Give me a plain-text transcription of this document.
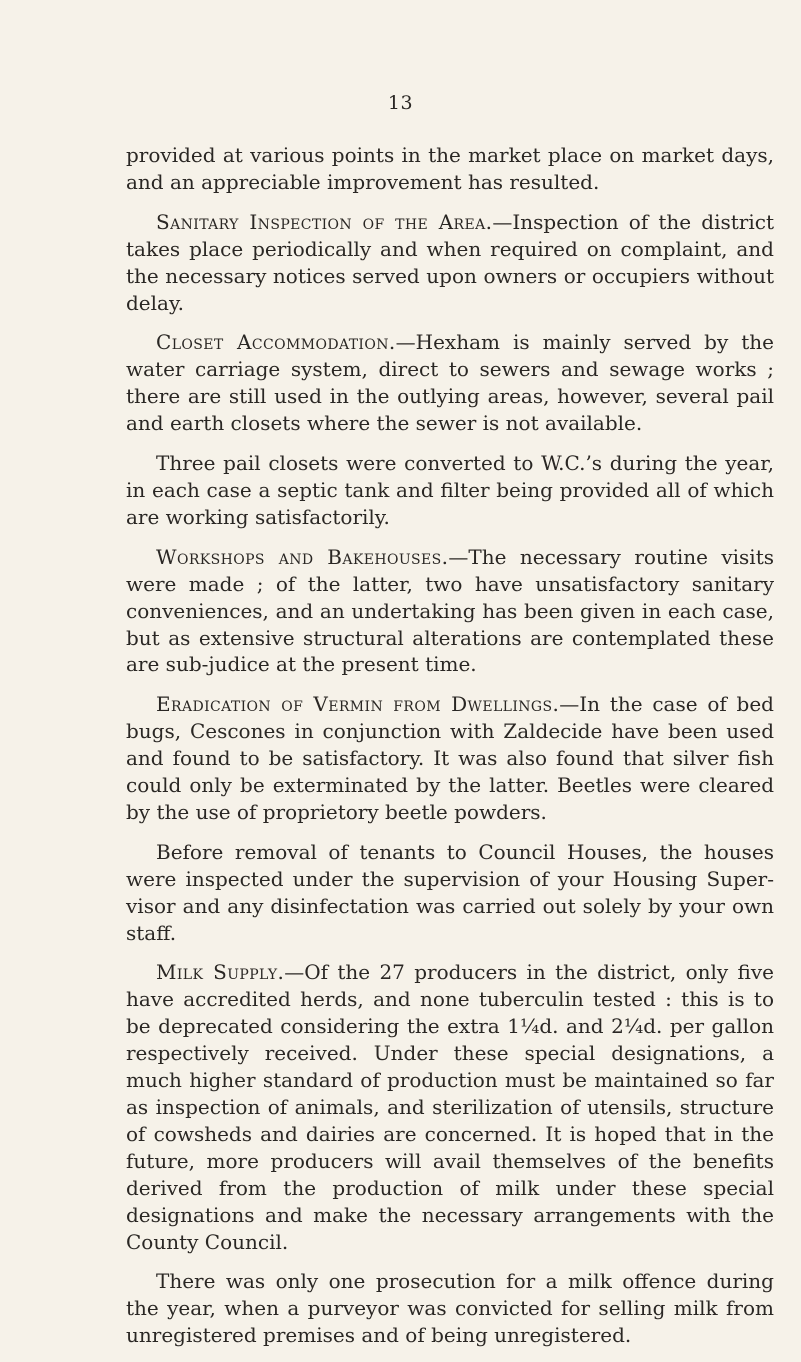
13

provided at various points in the market place on market days, and an appreciable improvement has resulted.

Sanitary Inspection of the Area.—Inspection of the district takes place periodically and when required on complaint, and the necessary notices served upon owners or occupiers without delay.

Closet Accommodation.—Hexham is mainly served by the water carriage system, direct to sewers and sewage works ; there are still used in the outlying areas, however, several pail and earth closets where the sewer is not available.

Three pail closets were converted to W.C.’s during the year, in each case a septic tank and filter being provided all of which are working satisfactorily.

Workshops and Bakehouses.—The necessary routine visits were made ; of the latter, two have unsatisfactory sanitary conveniences, and an undertaking has been given in each case, but as extensive structural alterations are contemplated these are sub-judice at the present time.

Eradication of Vermin from Dwellings.—In the case of bed bugs, Cescones in conjunction with Zaldecide have been used and found to be satisfactory. It was also found that silver fish could only be exterminated by the latter. Beetles were cleared by the use of proprietory beetle powders.

Before removal of tenants to Council Houses, the houses were inspected under the supervision of your Housing Supervisor and any disinfectation was carried out solely by your own staff.

Milk Supply.—Of the 27 producers in the district, only five have accredited herds, and none tuberculin tested : this is to be deprecated considering the extra 1¼d. and 2¼d. per gallon respectively received. Under these special designations, a much higher standard of production must be maintained so far as inspection of animals, and sterilization of utensils, structure of cowsheds and dairies are concerned. It is hoped that in the future, more producers will avail themselves of the benefits derived from the production of milk under these special designations and make the necessary arrangements with the County Council.

There was only one prosecution for a milk offence during the year, when a purveyor was convicted for selling milk from unregistered premises and of being unregistered.
